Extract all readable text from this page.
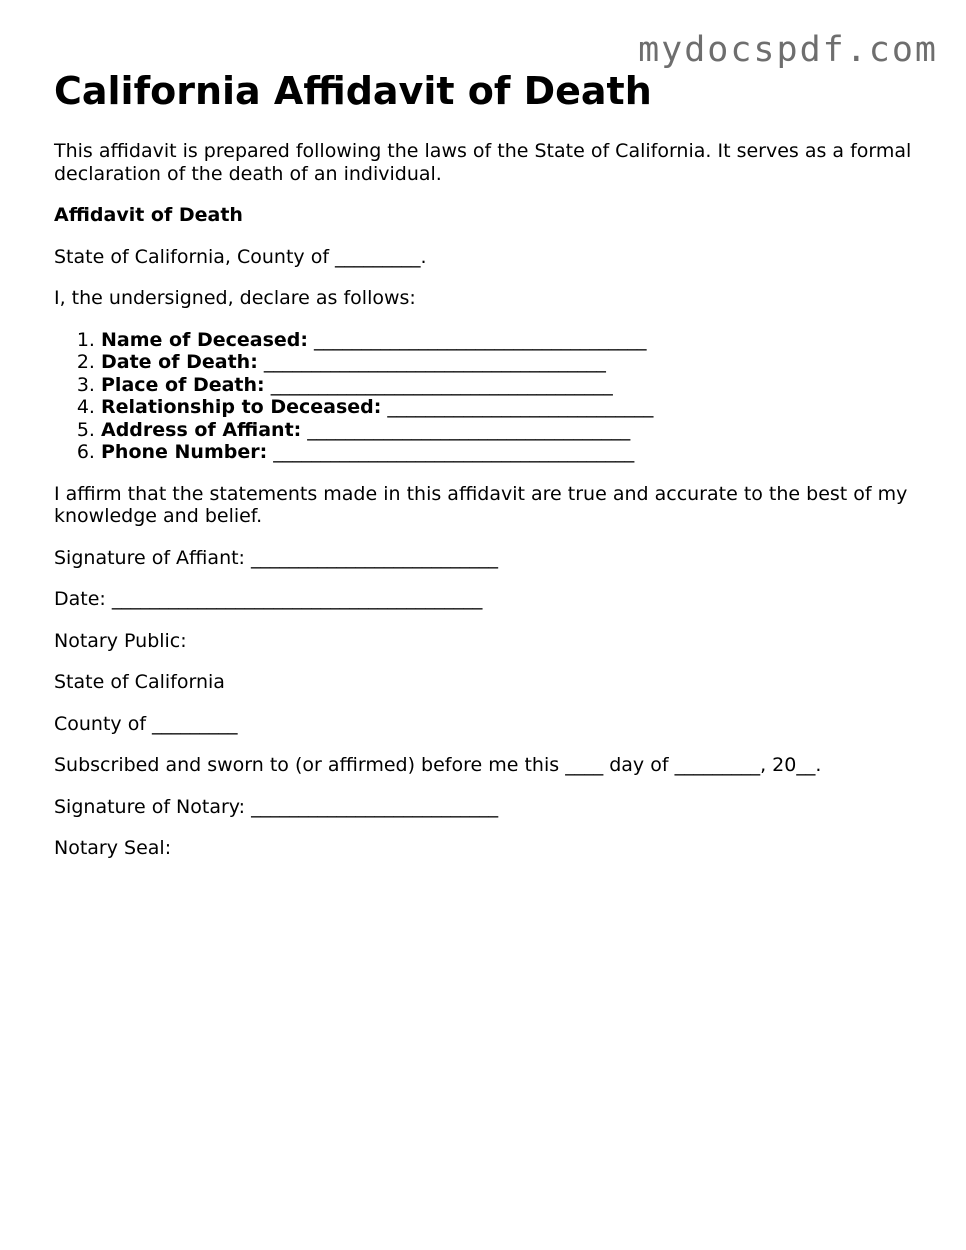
mydocspdf.com
California Affidavit of Death

This affidavit is prepared following the laws of the State of California. It serves as a formal declaration of the death of an individual.

Affidavit of Death

State of California, County of _________.

I, the undersigned, declare as follows:

1. Name of Deceased: ___________________________________
2. Date of Death: ____________________________________
3. Place of Death: ____________________________________
4. Relationship to Deceased: ____________________________
5. Address of Affiant: __________________________________
6. Phone Number: ______________________________________

I affirm that the statements made in this affidavit are true and accurate to the best of my knowledge and belief.

Signature of Affiant: __________________________

Date: _______________________________________

Notary Public:

State of California

County of _________

Subscribed and sworn to (or affirmed) before me this ____ day of _________, 20__.

Signature of Notary: __________________________

Notary Seal:
